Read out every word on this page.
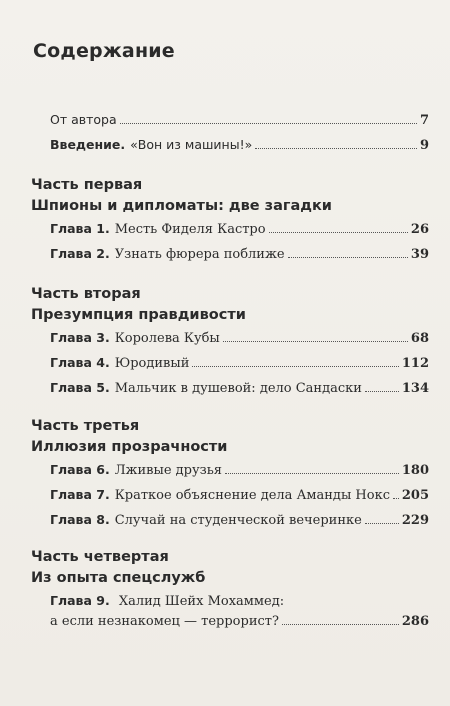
Содержание
От автора	7
Введение. «Вон из машины!»	9

Часть первая

Шпионы и дипломаты: две загадки

Глава 1. Месть Фиделя Кастро	26
Глава 2. Узнать фюрера поближе	39

Часть вторая

Презумпция правдивости

Глава 3. Королева Кубы	68
Глава 4. Юродивый	112
Глава 5. Мальчик в душевой: дело Сандаски	134

Часть третья

Иллюзия прозрачности

Глава 6. Лживые друзья	180
Глава 7. Краткое объяснение дела Аманды Нокс 205
Глава 8. Случай на студенческой вечеринке	229

Часть четвертая

Из опыта спецслужб

Глава 9. Халид Шейх Мохаммед:
а если незнакомец — террорист?	286
